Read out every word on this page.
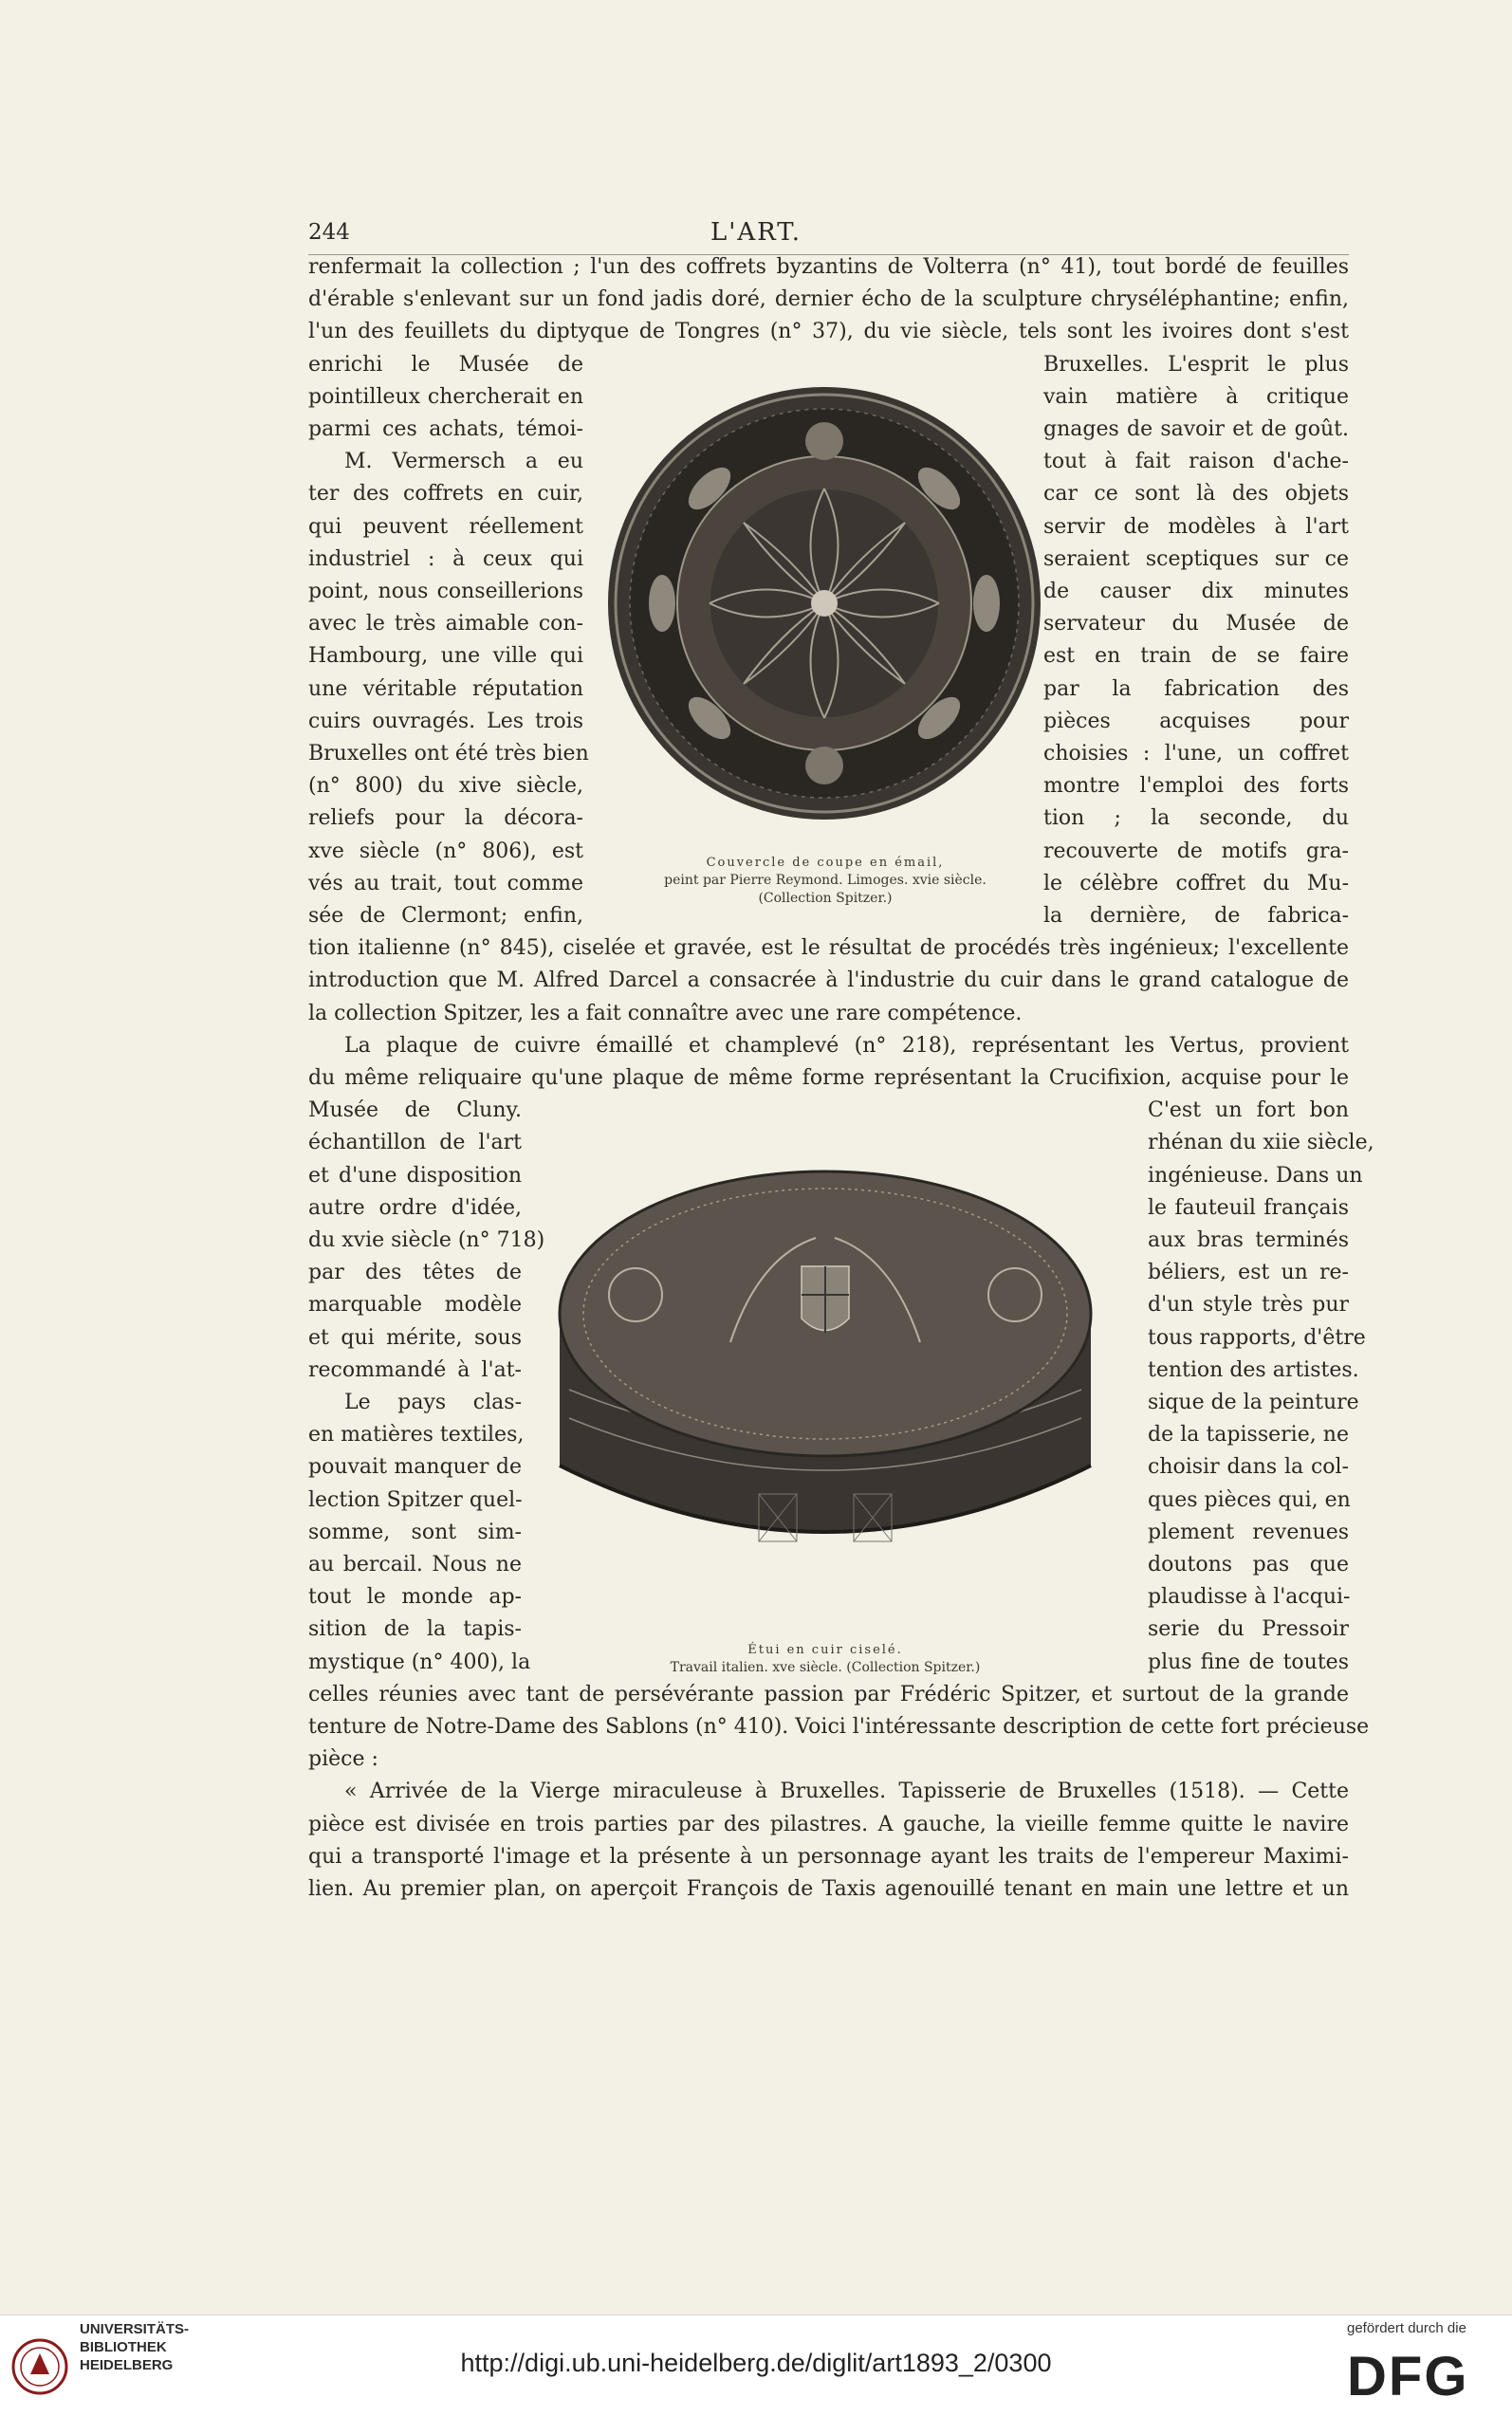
244	L'ART.
renfermait la collection ; l'un des coffrets byzantins de Volterra (n° 41), tout bordé de feuilles
d'érable s'enlevant sur un fond jadis doré, dernier écho de la sculpture chryséléphantine; enfin,
l'un des feuillets du diptyque de Tongres (n° 37), du vie siècle, tels sont les ivoires dont s'est
enrichi le Musée de
pointilleux chercherait en
parmi ces achats, témoi-
M. Vermersch a eu
ter des coffrets en cuir,
qui peuvent réellement
industriel : à ceux qui
point, nous conseillerions
avec le très aimable con-
Hambourg, une ville qui
une véritable réputation
cuirs ouvragés. Les trois
Bruxelles ont été très bien
(n° 800) du xive siècle,
reliefs pour la décora-
xve siècle (n° 806), est
vés au trait, tout comme
sée de Clermont; enfin,
Bruxelles. L'esprit le plus
vain matière à critique
gnages de savoir et de goût.
tout à fait raison d'ache-
car ce sont là des objets
servir de modèles à l'art
seraient sceptiques sur ce
de causer dix minutes
servateur du Musée de
est en train de se faire
par la fabrication des
pièces acquises pour
choisies : l'une, un coffret
montre l'emploi des forts
tion ; la seconde, du
recouverte de motifs gra-
le célèbre coffret du Mu-
la dernière, de fabrica-
tion italienne (n° 845), ciselée et gravée, est le résultat de procédés très ingénieux; l'excellente
introduction que M. Alfred Darcel a consacrée à l'industrie du cuir dans le grand catalogue de
la collection Spitzer, les a fait connaître avec une rare compétence.
La plaque de cuivre émaillé et champlevé (n° 218), représentant les Vertus, provient
du même reliquaire qu'une plaque de même forme représentant la Crucifixion, acquise pour le
Musée de Cluny.
échantillon de l'art
et d'une disposition
autre ordre d'idée,
du xvie siècle (n° 718)
par des têtes de
marquable modèle
et qui mérite, sous
recommandé à l'at-
Le pays clas-
en matières textiles,
pouvait manquer de
lection Spitzer quel-
somme, sont sim-
au bercail. Nous ne
tout le monde ap-
sition de la tapis-
mystique (n° 400), la
C'est un fort bon
rhénan du xiie siècle,
ingénieuse. Dans un
le fauteuil français
aux bras terminés
béliers, est un re-
d'un style très pur
tous rapports, d'être
tention des artistes.
sique de la peinture
de la tapisserie, ne
choisir dans la col-
ques pièces qui, en
plement revenues
doutons pas que
plaudisse à l'acqui-
serie du Pressoir
plus fine de toutes
celles réunies avec tant de persévérante passion par Frédéric Spitzer, et surtout de la grande
tenture de Notre-Dame des Sablons (n° 410). Voici l'intéressante description de cette fort précieuse
pièce :
« Arrivée de la Vierge miraculeuse à Bruxelles. Tapisserie de Bruxelles (1518). — Cette
pièce est divisée en trois parties par des pilastres. A gauche, la vieille femme quitte le navire
qui a transporté l'image et la présente à un personnage ayant les traits de l'empereur Maximi-
lien. Au premier plan, on aperçoit François de Taxis agenouillé tenant en main une lettre et un
Couvercle de coupe en émail,
peint par Pierre Reymond. Limoges. xvie siècle.
(Collection Spitzer.)
Étui en cuir ciselé.
Travail italien. xve siècle. (Collection Spitzer.)
UNIVERSITÄTS-
BIBLIOTHEK
HEIDELBERG	http://digi.ub.uni-heidelberg.de/diglit/art1893_2/0300
gefördert durch die
DFG
